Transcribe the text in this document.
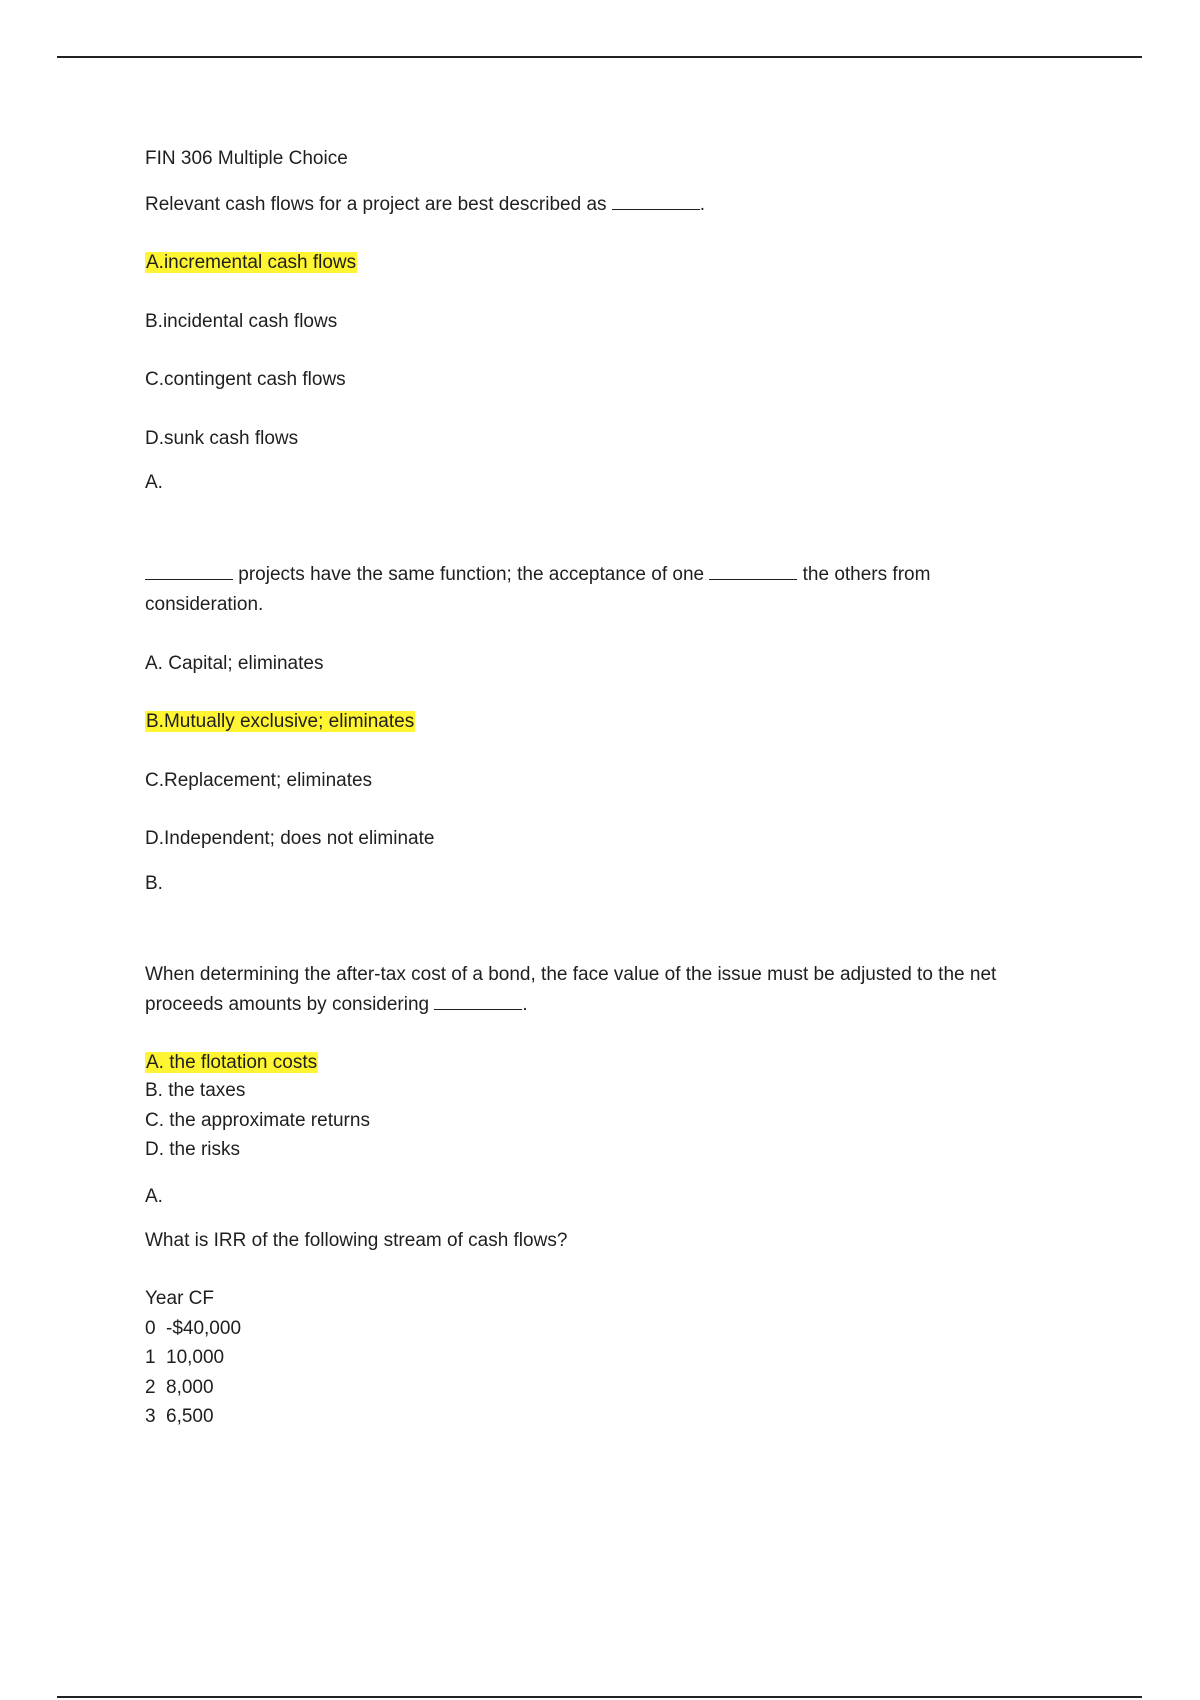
FIN 306 Multiple Choice
Relevant cash flows for a project are best described as	.
A.incremental cash flows
B.incidental cash flows
C.contingent cash flows
D.sunk cash flows
A.
projects have the same function; the acceptance of one	the others from
consideration.
A. Capital; eliminates
B.Mutually exclusive; eliminates
C.Replacement; eliminates
D.Independent; does not eliminate
B.
When determining the after-tax cost of a bond, the face value of the issue must be adjusted to the net
proceeds amounts by considering	.
A. the flotation costs
B. the taxes
C. the approximate returns
D. the risks
A.
What is IRR of the following stream of cash flows?
Year CF
0 -$40,000
1 10,000
2 8,000
3 6,500
